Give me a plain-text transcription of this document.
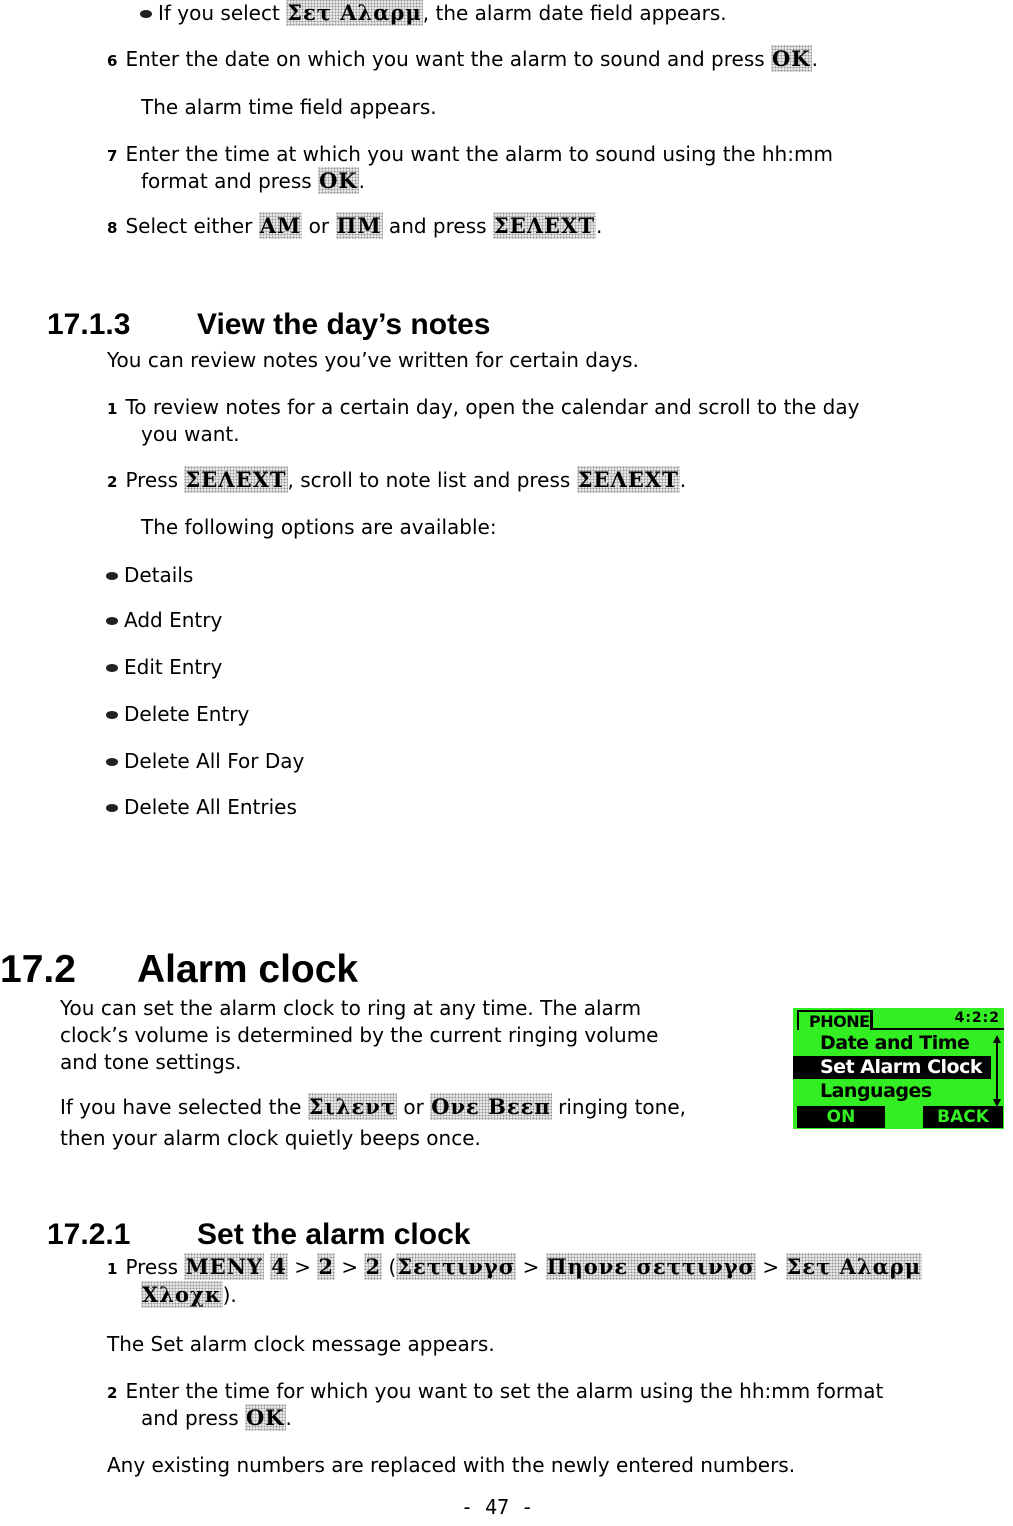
If you select Σετ Αλαρμ, the alarm date field appears.
6 Enter the date on which you want the alarm to sound and press ΟΚ.
The alarm time field appears.
7 Enter the time at which you want the alarm to sound using the hh:mm
format and press ΟΚ.
8 Select either ΑΜ or ΠΜ and press ΣΕΛΕΧΤ.
17.1.3 View the day’s notes
You can review notes you’ve written for certain days.
1 To review notes for a certain day, open the calendar and scroll to the day
you want.
2 Press ΣΕΛΕΧΤ, scroll to note list and press ΣΕΛΕΧΤ.
The following options are available:
Details
Add Entry
Edit Entry
Delete Entry
Delete All For Day
Delete All Entries
17.2 Alarm clock
You can set the alarm clock to ring at any time. The alarm
clock’s volume is determined by the current ringing volume
and tone settings.
If you have selected the Σιλεντ or Ονε Βεεπ ringing tone,
then your alarm clock quietly beeps once.
PHONE	4:2:2
Date and Time
Set Alarm Clock
Languages
ON	BACK
17.2.1 Set the alarm clock
1 Press ΜΕΝΥ 4 > 2 > 2 (Σεττινγσ > Πηονε σεττινγσ > Σετ Αλαρμ
Χλοχκ).
The Set alarm clock message appears.
2 Enter the time for which you want to set the alarm using the hh:mm format
and press ΟΚ.
Any existing numbers are replaced with the newly entered numbers.
- 47 -
